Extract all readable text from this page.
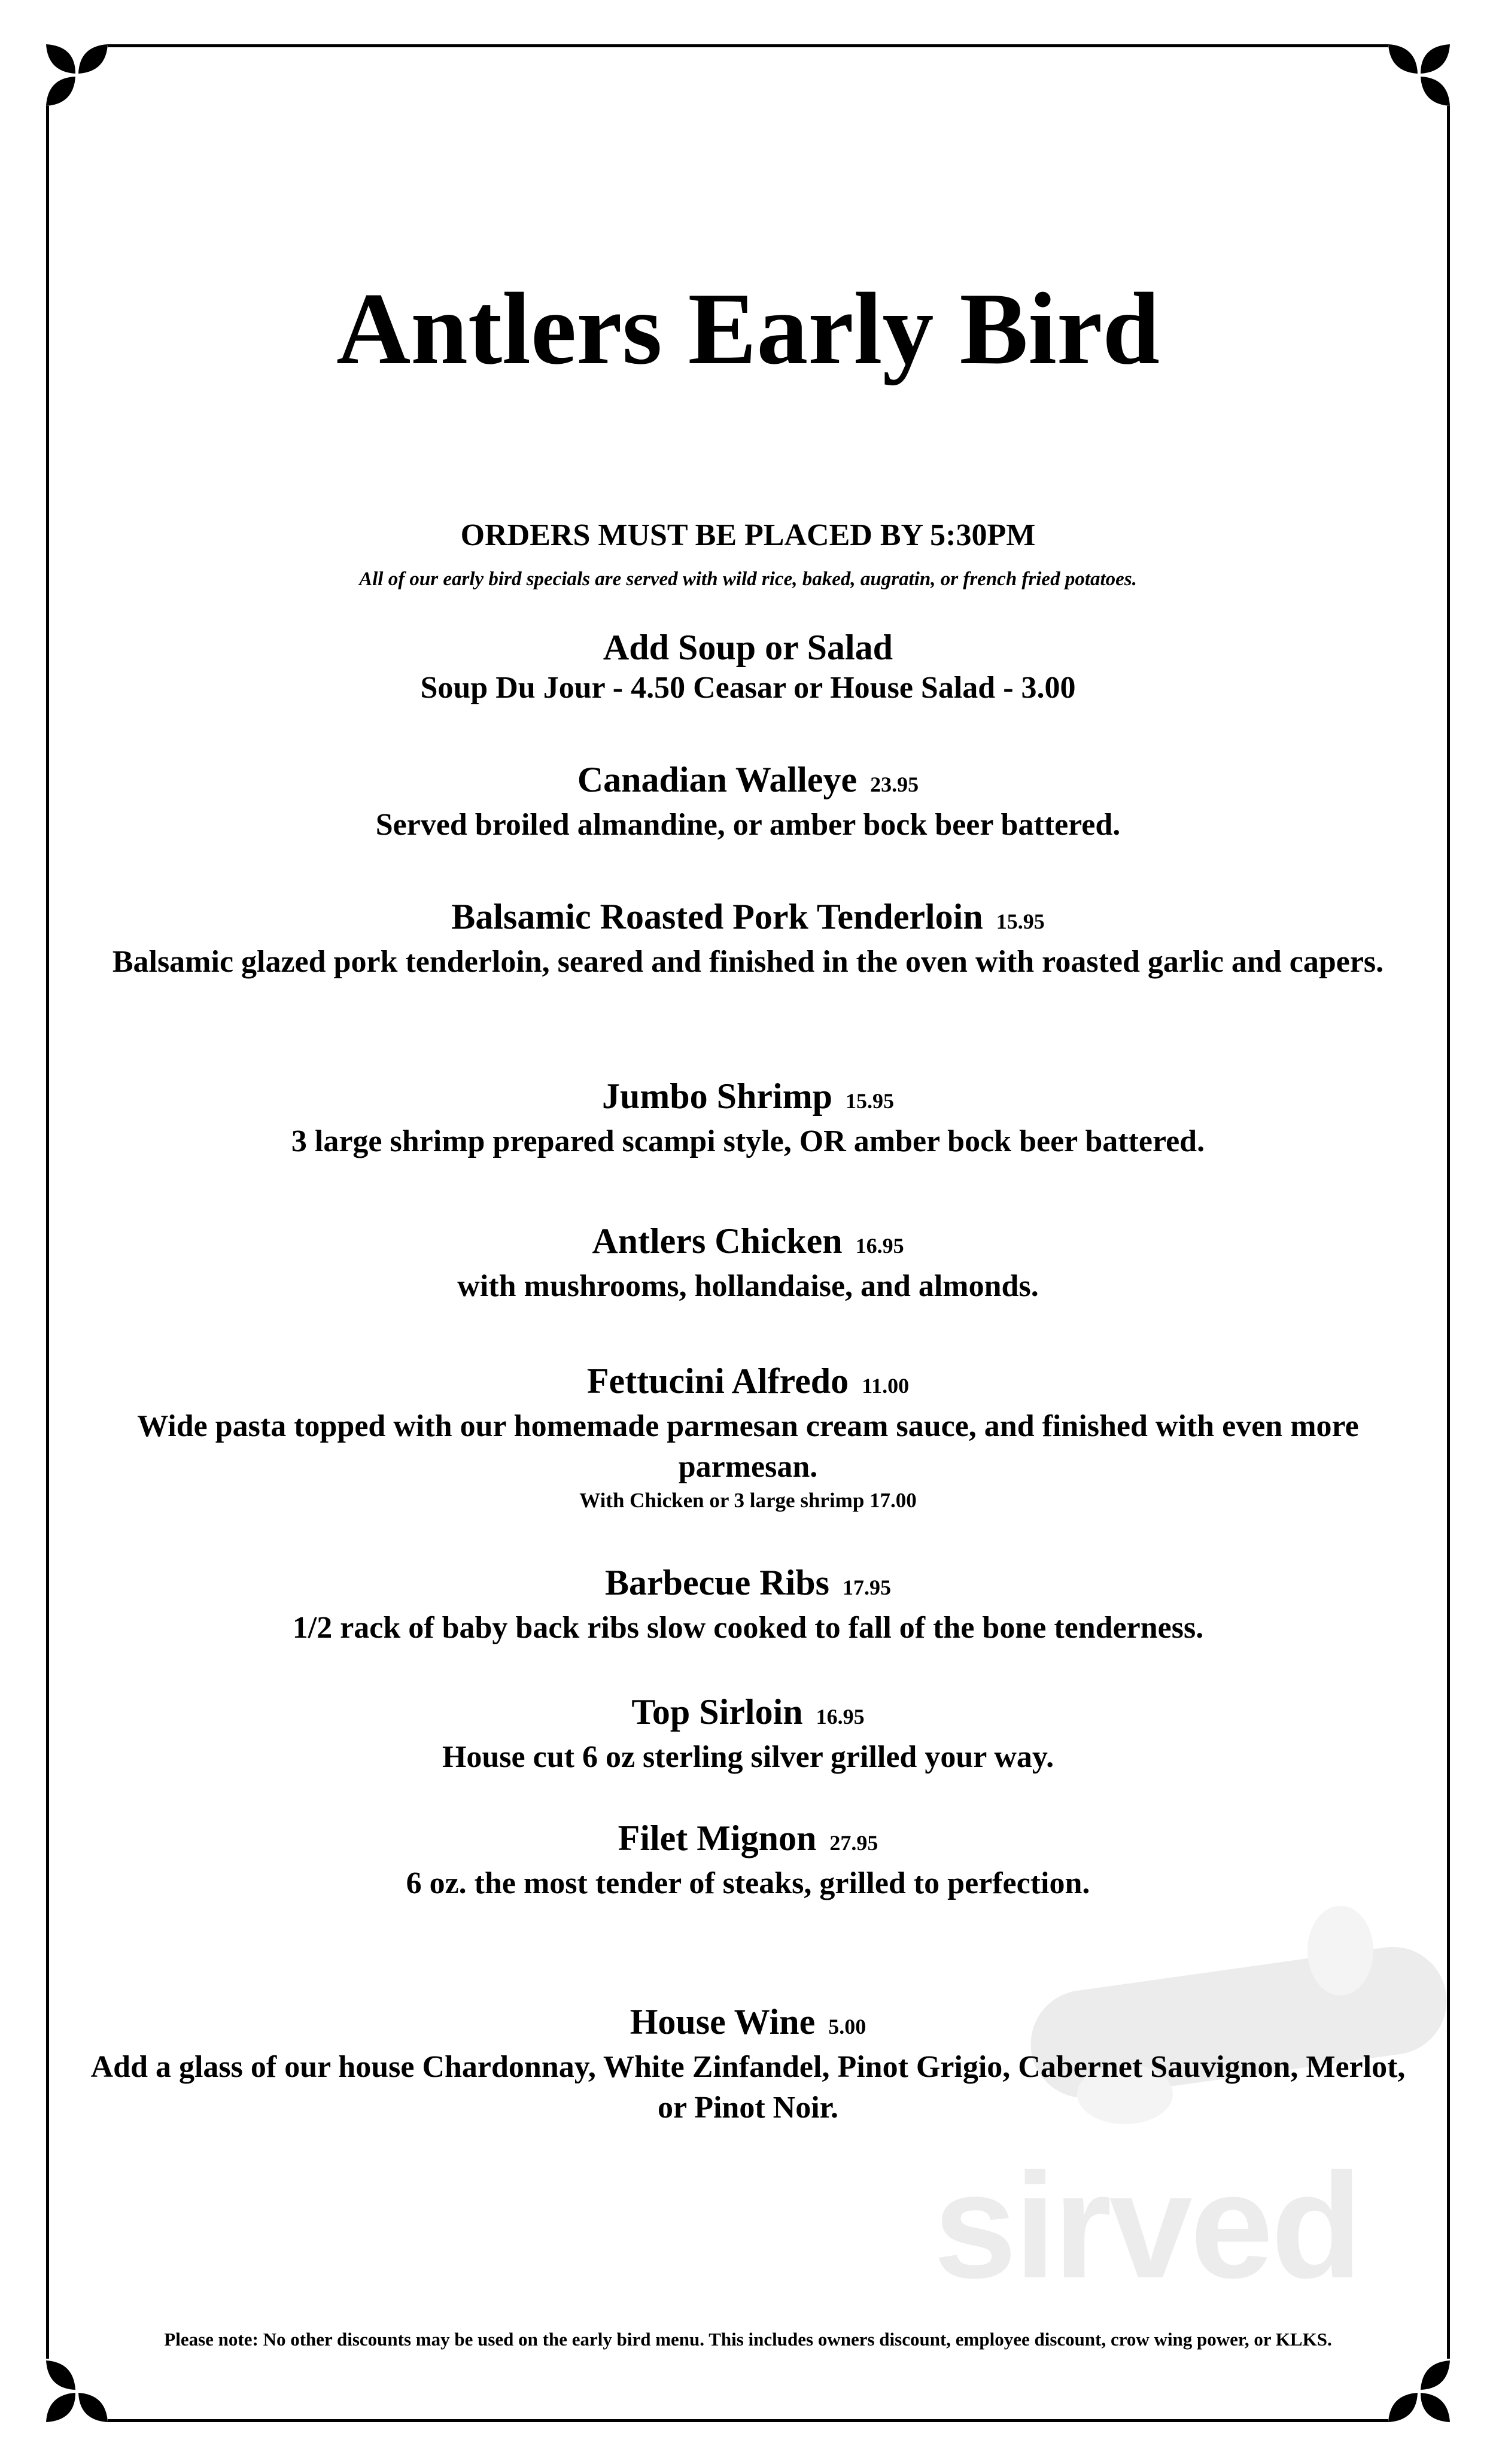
sirved
Antlers Early Bird
ORDERS MUST BE PLACED BY 5:30PM
All of our early bird specials are served with wild rice, baked, augratin, or french fried potatoes.
Add Soup or Salad
Soup Du Jour - 4.50 Ceasar or House Salad - 3.00
Canadian Walleye 23.95
Served broiled almandine, or amber bock beer battered.
Balsamic Roasted Pork Tenderloin 15.95
Balsamic glazed pork tenderloin, seared and finished in the oven with roasted garlic and capers.
Jumbo Shrimp 15.95
3 large shrimp prepared scampi style, OR amber bock beer battered.
Antlers Chicken 16.95
with mushrooms, hollandaise, and almonds.
Fettucini Alfredo 11.00
Wide pasta topped with our homemade parmesan cream sauce, and finished with even more parmesan.
With Chicken or 3 large shrimp 17.00
Barbecue Ribs 17.95
1/2 rack of baby back ribs slow cooked to fall of the bone tenderness.
Top Sirloin 16.95
House cut 6 oz sterling silver grilled your way.
Filet Mignon 27.95
6 oz. the most tender of steaks, grilled to perfection.
House Wine 5.00
Add a glass of our house Chardonnay, White Zinfandel, Pinot Grigio, Cabernet Sauvignon, Merlot, or Pinot Noir.
Please note: No other discounts may be used on the early bird menu. This includes owners discount, employee discount, crow wing power, or KLKS.
